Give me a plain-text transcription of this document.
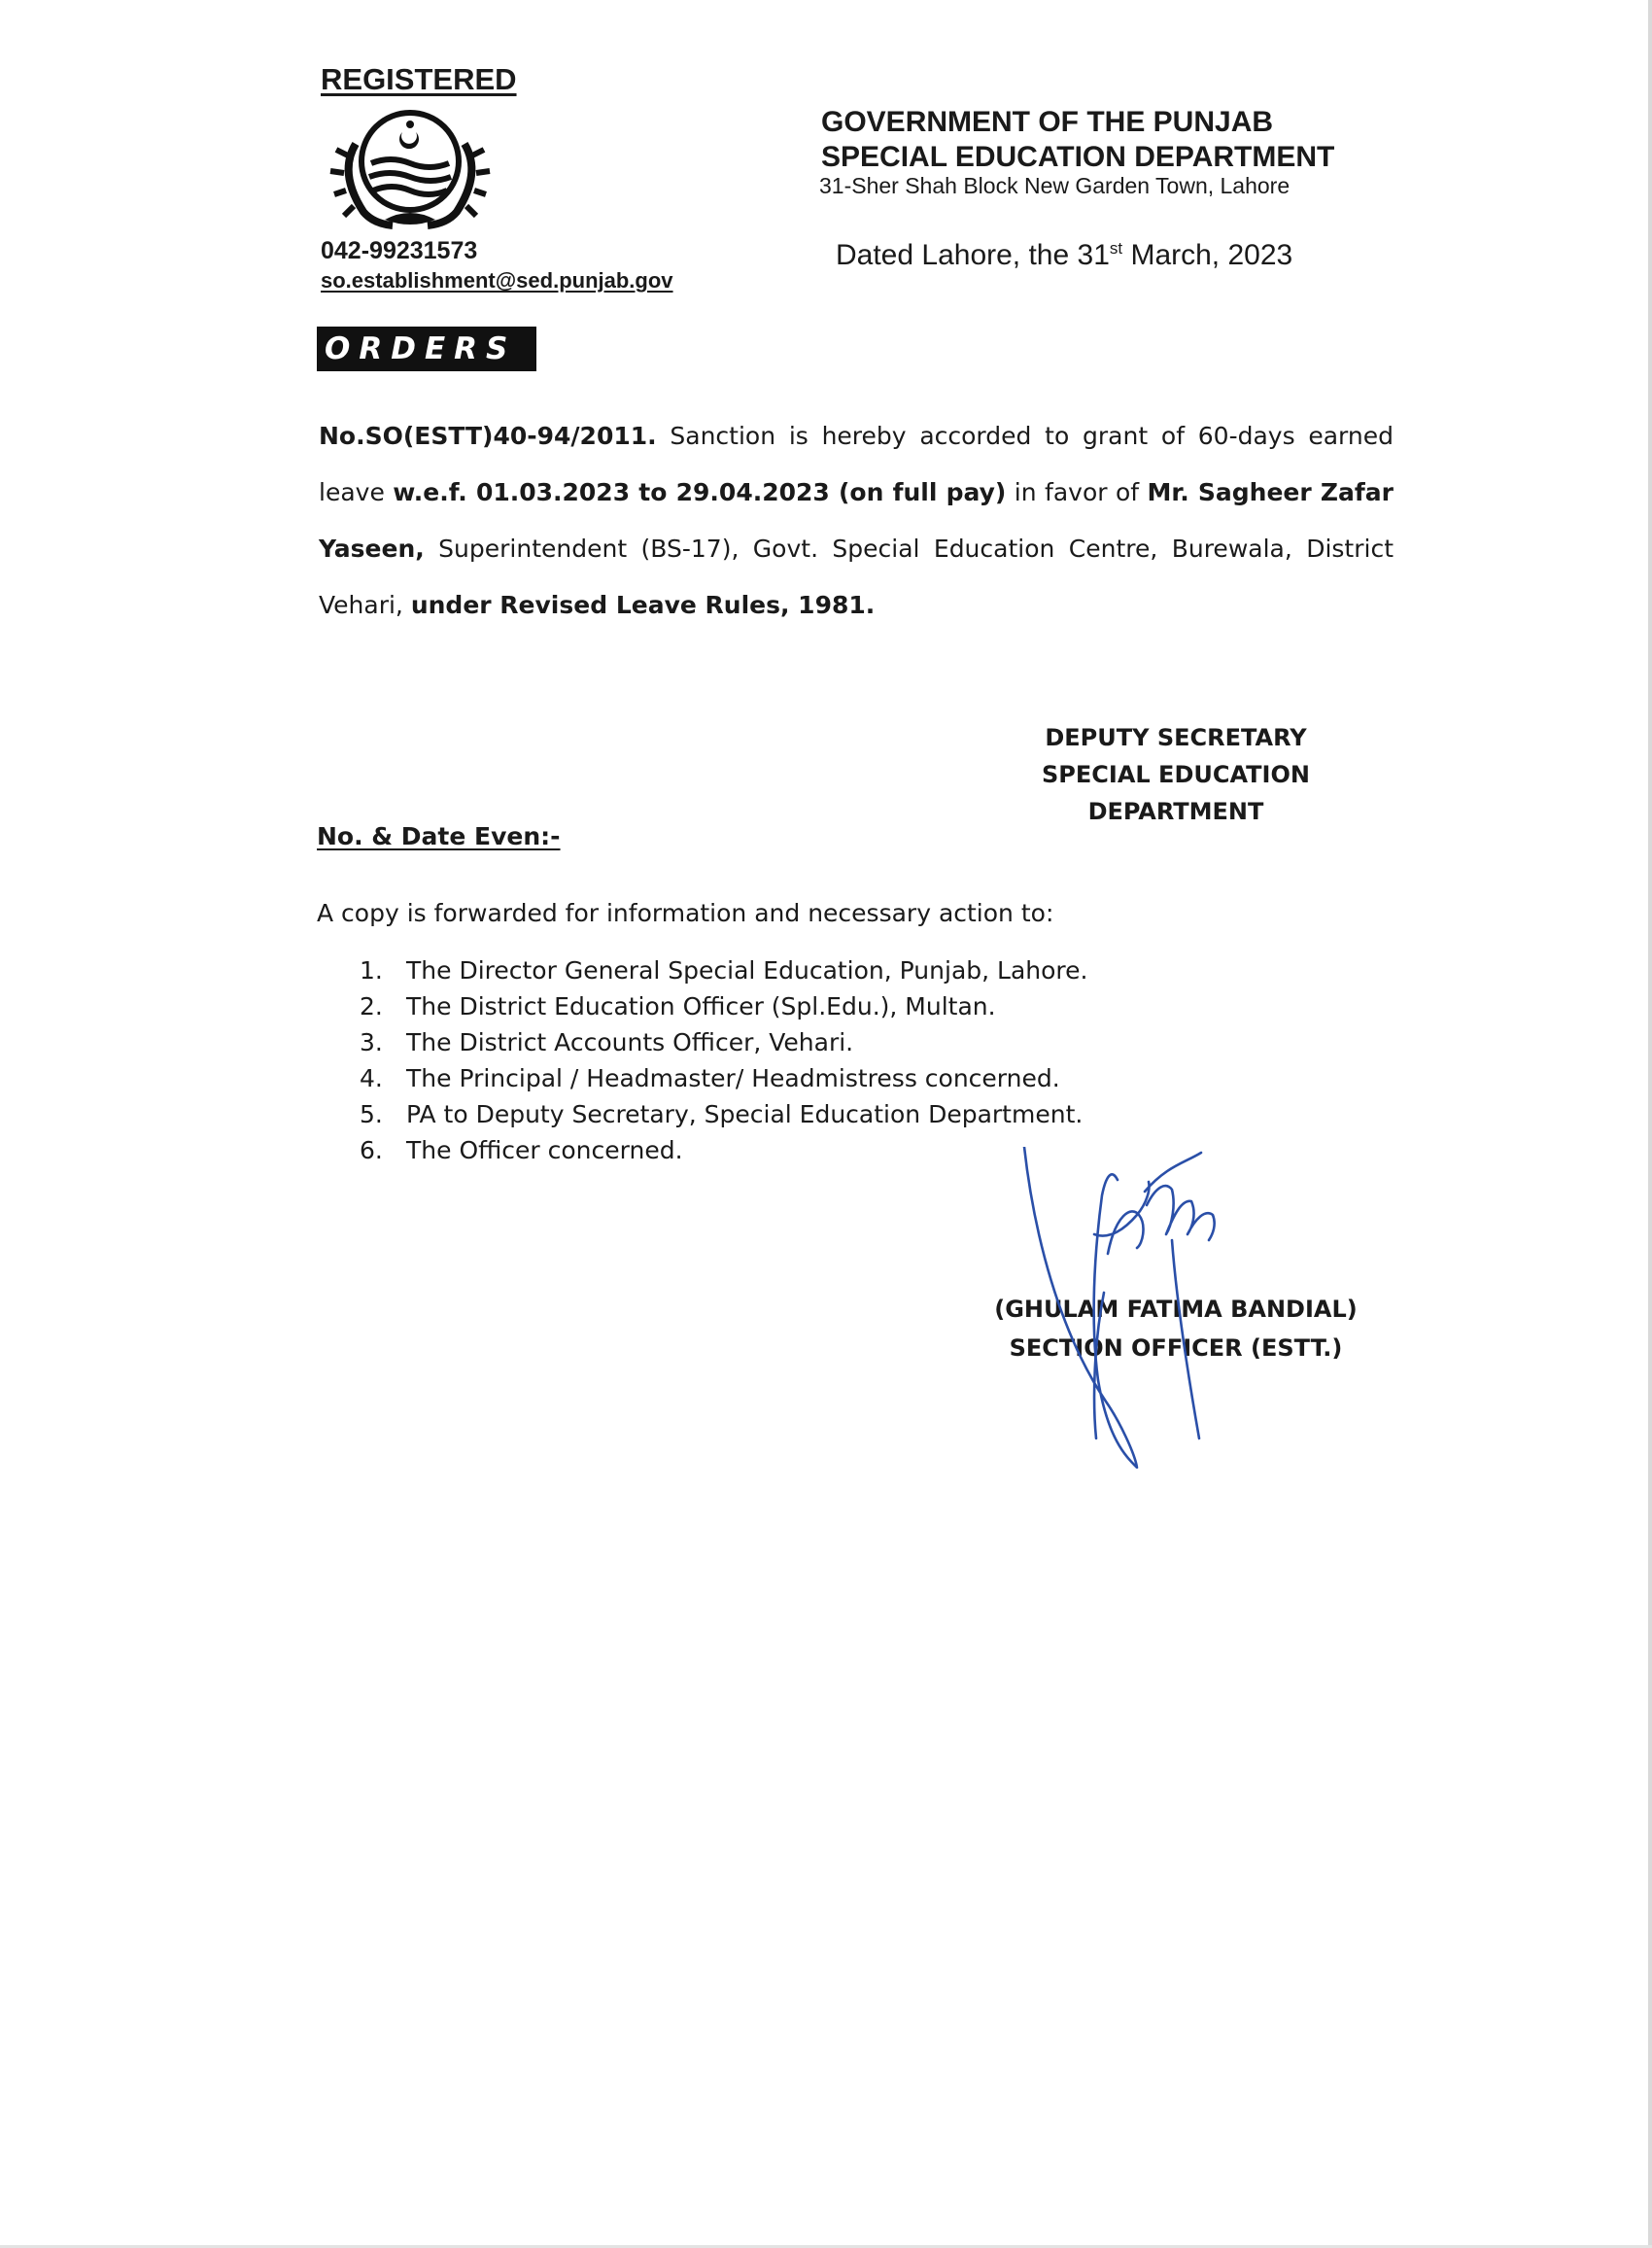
REGISTERED
042-99231573
so.establishment@sed.punjab.gov
GOVERNMENT OF THE PUNJAB
SPECIAL EDUCATION DEPARTMENT
31-Sher Shah Block New Garden Town, Lahore
Dated Lahore, the 31st March, 2023
ORDERS
No.SO(ESTT)40-94/2011. Sanction is hereby accorded to grant of 60-days earned leave w.e.f. 01.03.2023 to 29.04.2023 (on full pay) in favor of Mr. Sagheer Zafar Yaseen, Superintendent (BS-17), Govt. Special Education Centre, Burewala, District Vehari, under Revised Leave Rules, 1981.
DEPUTY SECRETARY
SPECIAL EDUCATION
DEPARTMENT
No. & Date Even:-
A copy is forwarded for information and necessary action to:
1. The Director General Special Education, Punjab, Lahore.
2. The District Education Officer (Spl.Edu.), Multan.
3. The District Accounts Officer, Vehari.
4. The Principal / Headmaster/ Headmistress concerned.
5. PA to Deputy Secretary, Special Education Department.
6. The Officer concerned.
(GHULAM FATIMA BANDIAL)
SECTION OFFICER (ESTT.)
